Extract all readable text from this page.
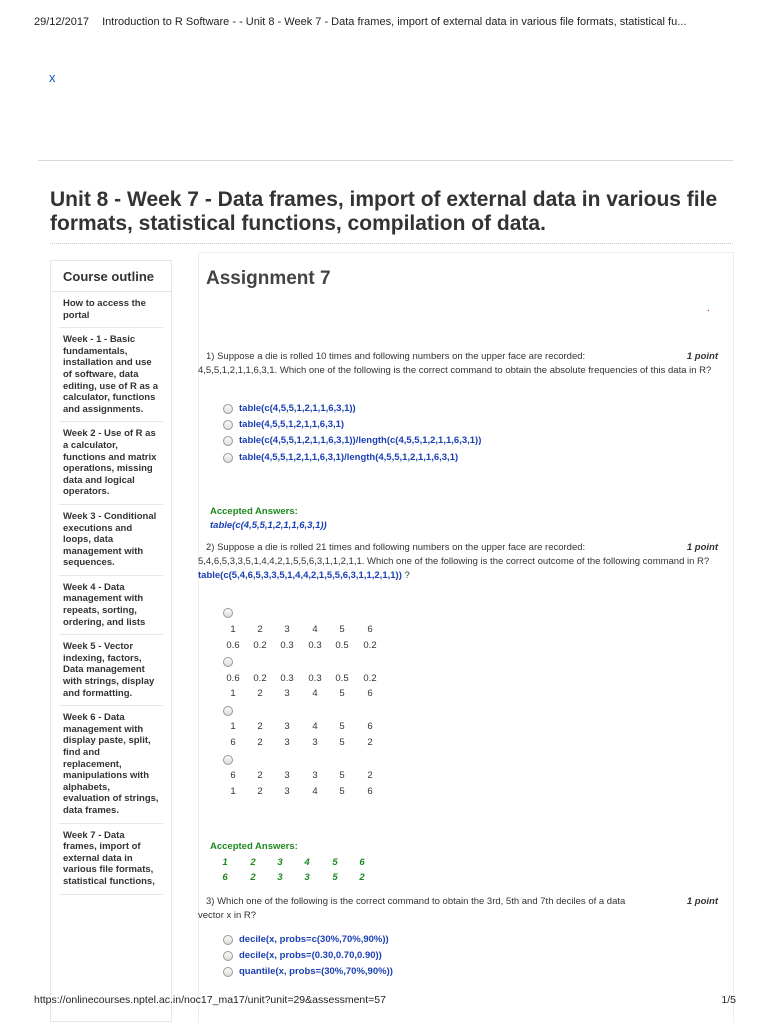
29/12/2017 Introduction to R Software - - Unit 8 - Week 7 - Data frames, import of external data in various file formats, statistical fu...
x
Unit 8 - Week 7 - Data frames, import of external data in various file formats, statistical functions, compilation of data.
Course outline
How to access the portal
Week - 1 - Basic fundamentals, installation and use of software, data editing, use of R as a calculator, functions and assignments.
Week 2 - Use of R as a calculator, functions and matrix operations, missing data and logical operators.
Week 3 - Conditional executions and loops, data management with sequences.
Week 4 - Data management with repeats, sorting, ordering, and lists
Week 5 - Vector indexing, factors, Data management with strings, display and formatting.
Week 6 - Data management with display paste, split, find and replacement, manipulations with alphabets, evaluation of strings, data frames.
Week 7 - Data frames, import of external data in various file formats, statistical functions,
Assignment 7
.
1) Suppose a die is rolled 10 times and following numbers on the upper face are recorded:	1 point

4,5,5,1,2,1,1,6,3,1. Which one of the following is the correct command to obtain the absolute frequencies of this data in R?
table(c(4,5,5,1,2,1,1,6,3,1))
table(4,5,5,1,2,1,1,6,3,1)
table(c(4,5,5,1,2,1,1,6,3,1))/length(c(4,5,5,1,2,1,1,6,3,1))
table(4,5,5,1,2,1,1,6,3,1)/length(4,5,5,1,2,1,1,6,3,1)
Accepted Answers:
table(c(4,5,5,1,2,1,1,6,3,1))
2) Suppose a die is rolled 21 times and following numbers on the upper face are recorded:	1 point

5,4,6,5,3,3,5,1,4,4,2,1,5,5,6,3,1,1,2,1,1. Which one of the following is the correct outcome of the following command in R?
table(c(5,4,6,5,3,3,5,1,4,4,2,1,5,5,6,3,1,1,2,1,1)) ?
1	2	3	4	5	6
0.6	0.2	0.3	0.3	0.5	0.2
0.6	0.2	0.3	0.3	0.5	0.2
1	2	3	4	5	6
1	2	3	4	5	6
6	2	3	3	5	2
6	2	3	3	5	2
1	2	3	4	5	6
Accepted Answers:
1	2	3	4	5	6
6	2	3	3	5	2
3) Which one of the following is the correct command to obtain the 3rd, 5th and 7th deciles of a data	1 point

vector x in R?
decile(x, probs=c(30%,70%,90%))
decile(x, probs=(0.30,0.70,0.90))
quantile(x, probs=(30%,70%,90%))
https://onlinecourses.nptel.ac.in/noc17_ma17/unit?unit=29&assessment=57	1/5
